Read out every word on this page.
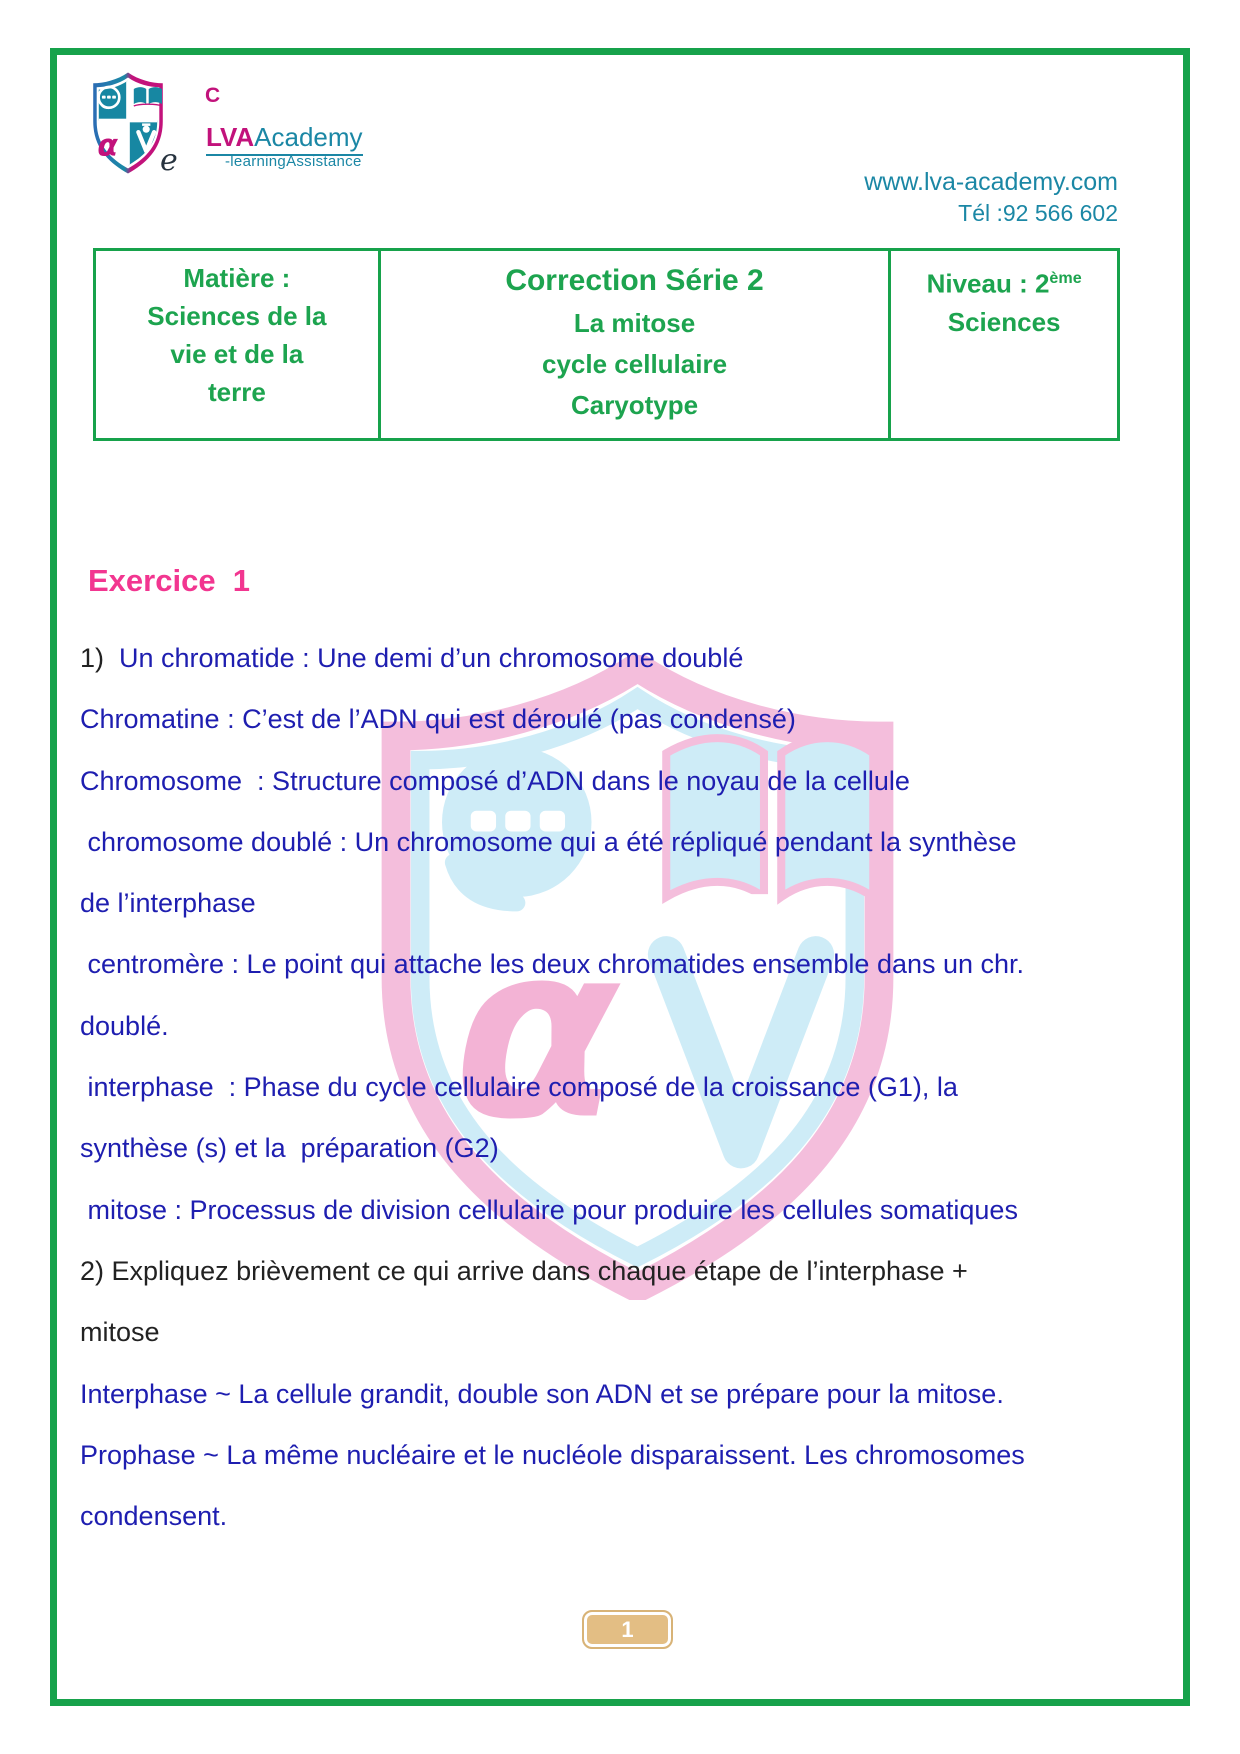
α e
C
LVAAcademy
-learningAssistance
www.lva-academy.com
Tél :92 566 602
Matière :
Sciences de la
vie et de la
terre
Correction Série 2
La mitose
cycle cellulaire
Caryotype
Niveau : 2ème
Sciences
α
Exercice  1
1)  Un chromatide : Une demi d’un chromosome doublé
Chromatine : C’est de l’ADN qui est déroulé (pas condensé)
Chromosome  : Structure composé d’ADN dans le noyau de la cellule
chromosome doublé : Un chromosome qui a été répliqué pendant la synthèse
de l’interphase
centromère : Le point qui attache les deux chromatides ensemble dans un chr.
doublé.
interphase  : Phase du cycle cellulaire composé de la croissance (G1), la
synthèse (s) et la  préparation (G2)
mitose : Processus de division cellulaire pour produire les cellules somatiques
2) Expliquez brièvement ce qui arrive dans chaque étape de l’interphase +
mitose
Interphase ~ La cellule grandit, double son ADN et se prépare pour la mitose.
Prophase ~ La même nucléaire et le nucléole disparaissent. Les chromosomes
condensent.
1
